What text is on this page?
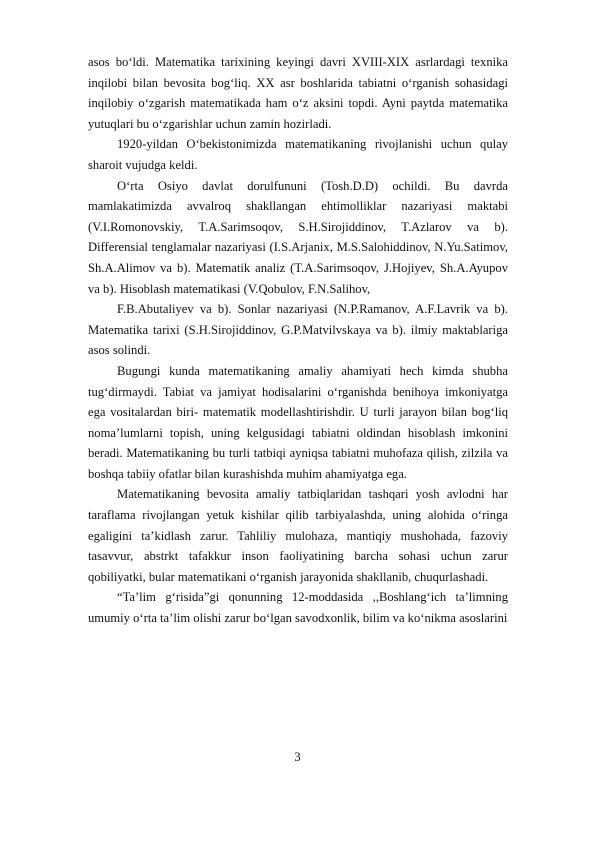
asos bo‘ldi. Matematika tarixining keyingi davri XVIII-XIX asrlardagi texnika inqilobi bilan bevosita bog‘liq. XX asr boshlarida tabiatni o‘rganish sohasidagi inqilobiy o‘zgarish matematikada ham o‘z aksini topdi. Ayni paytda matematika yutuqlari bu o‘zgarishlar uchun zamin hozirladi.

1920-yildan O‘bekistonimizda matematikaning rivojlanishi uchun qulay sharoit vujudga keldi.

O‘rta Osiyo davlat dorulfununi (Tosh.D.D) ochildi. Bu davrda mamlakatimizda avvalroq shakllangan ehtimolliklar nazariyasi maktabi (V.I.Romonovskiy, T.A.Sarimsoqov, S.H.Sirojiddinov, T.Azlarov va b). Differensial tenglamalar nazariyasi (I.S.Arjanix, M.S.Salohiddinov, N.Yu.Satimov, Sh.A.Alimov va b). Matematik analiz (T.A.Sarimsoqov, J.Hojiyev, Sh.A.Ayupov va b). Hisoblash matematikasi (V.Qobulov, F.N.Salihov,

F.B.Abutaliyev va b). Sonlar nazariyasi (N.P.Ramanov, A.F.Lavrik va b). Matematika tarixi (S.H.Sirojiddinov, G.P.Matvilvskaya va b). ilmiy maktablariga asos solindi.

Bugungi kunda matematikaning amaliy ahamiyati hech kimda shubha tug‘dirmaydi. Tabiat va jamiyat hodisalarini o‘rganishda benihoya imkoniyatga ega vositalardan biri- matematik modellashtirishdir. U turli jarayon bilan bog‘liq noma’lumlarni topish, uning kelgusidagi tabiatni oldindan hisoblash imkonini beradi. Matematikaning bu turli tatbiqi ayniqsa tabiatni muhofaza qilish, zilzila va boshqa tabiiy ofatlar bilan kurashishda muhim ahamiyatga ega.

Matematikaning bevosita amaliy tatbiqlaridan tashqari yosh avlodni har taraflama rivojlangan yetuk kishilar qilib tarbiyalashda, uning alohida o‘ringa egaligini ta’kidlash zarur. Tahliliy mulohaza, mantiqiy mushohada, fazoviy tasavvur, abstrkt tafakkur inson faoliyatining barcha sohasi uchun zarur qobiliyatki, bular matematikani o‘rganish jarayonida shakllanib, chuqurlashadi.

“Ta’lim g‘risida”gi qonunning 12-moddasida ,,Boshlang‘ich ta’limning umumiy o‘rta ta’lim olishi zarur bo‘lgan savodxonlik, bilim va ko‘nikma asoslarini

3
